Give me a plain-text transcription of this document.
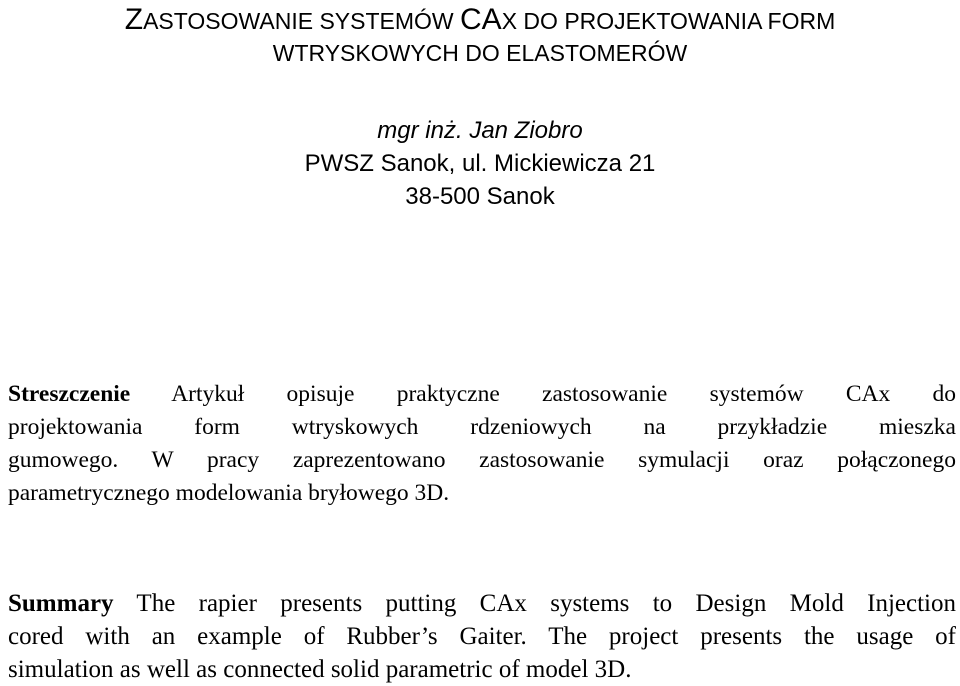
ZASTOSOWANIE SYSTEMÓW CAX DO PROJEKTOWANIA FORM
WTRYSKOWYCH DO ELASTOMERÓW
mgr inż. Jan Ziobro
PWSZ Sanok, ul. Mickiewicza 21
38-500 Sanok
Streszczenie Artykuł opisuje praktyczne zastosowanie systemów CAx do
projektowania form wtryskowych rdzeniowych na przykładzie mieszka
gumowego. W pracy zaprezentowano zastosowanie symulacji oraz połączonego
parametrycznego modelowania bryłowego 3D.
Summary The rapier presents putting CAx systems to Design Mold Injection
cored with an example of Rubber’s Gaiter. The project presents the usage of
simulation as well as connected solid parametric of model 3D.
